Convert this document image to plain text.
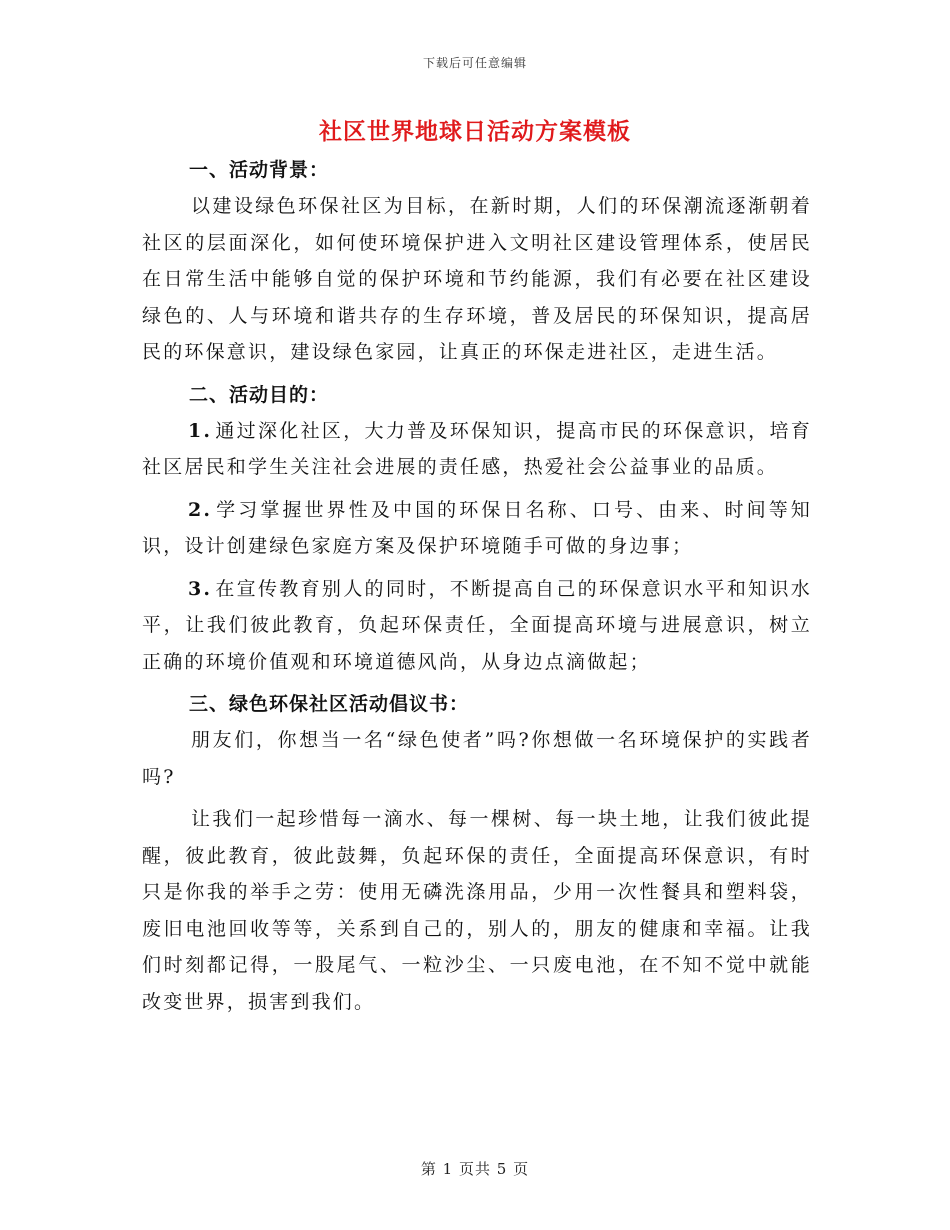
下载后可任意编辑
社区世界地球日活动方案模板
一、活动背景：

以建设绿色环保社区为目标，在新时期，人们的环保潮流逐渐朝着社区的层面深化，如何使环境保护进入文明社区建设管理体系，使居民在日常生活中能够自觉的保护环境和节约能源，我们有必要在社区建设绿色的、人与环境和谐共存的生存环境，普及居民的环保知识，提高居民的环保意识，建设绿色家园，让真正的环保走进社区，走进生活。

二、活动目的：

1. 通过深化社区，大力普及环保知识，提高市民的环保意识，培育社区居民和学生关注社会进展的责任感，热爱社会公益事业的品质。

2. 学习掌握世界性及中国的环保日名称、口号、由来、时间等知识，设计创建绿色家庭方案及保护环境随手可做的身边事；

3. 在宣传教育别人的同时，不断提高自己的环保意识水平和知识水平，让我们彼此教育，负起环保责任，全面提高环境与进展意识，树立正确的环境价值观和环境道德风尚，从身边点滴做起；

三、绿色环保社区活动倡议书：

朋友们，你想当一名“绿色使者”吗?你想做一名环境保护的实践者吗?

让我们一起珍惜每一滴水、每一棵树、每一块土地，让我们彼此提醒，彼此教育，彼此鼓舞，负起环保的责任，全面提高环保意识，有时只是你我的举手之劳：使用无磷洗涤用品，少用一次性餐具和塑料袋，废旧电池回收等等，关系到自己的，别人的，朋友的健康和幸福。让我们时刻都记得，一股尾气、一粒沙尘、一只废电池，在不知不觉中就能改变世界，损害到我们。

第 1 页共 5 页
